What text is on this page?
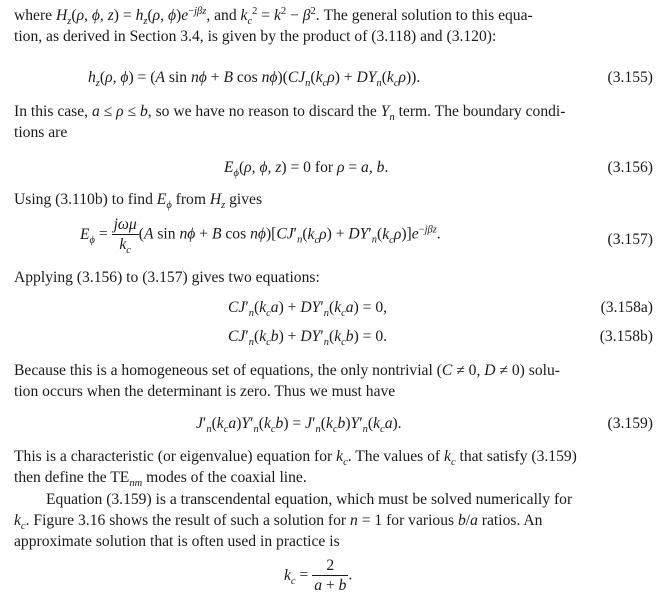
where $H_z(\rho$, ϕ, $z) = h_z(\rho$, $\phi)e^{-j\beta z}$, and $k_c^2 = k^2 - \beta^2$. The general solution to this equa-
tion, as derived in Section 3.4, is given by the product of (3.118) and (3.120):
$h_z(\rho$, ϕ) = (A sin nϕ + B $\cos n\phi)(CJ_n(k_c\rho) + DY_n(k_c\rho))$.	(3.155)
In this case, a ≤ ρ ≤ b, so we have no reason to discard the $Y_n$ term. The boundary condi-
tions are
$E_\phi(\rho$, ϕ, z) = 0 for ρ = a, b.	(3.156)
Using (3.110b) to find $E_\phi$ from $H_z$ gives
$E_\phi = \frac{\text{jωμ}}{k_c} (A$ sin nϕ + B $\cos n\phi)[CJ'_n(k_c\rho) + DY'_n(k_c\rho)]e^{-j\beta z}$.	(3.157)
Applying (3.156) to (3.157) gives two equations:
$CJ'_n(k_ca) + DY'_n(k_ca) = 0$,	(3.158a)
$CJ'_n(k_cb) + DY'_n(k_cb) = 0$.	(3.158b)
Because this is a homogeneous set of equations, the only nontrivial (C ≠ 0, D ≠ 0) solu-
tion occurs when the determinant is zero. Thus we must have
$J'_n(k_ca)Y'_n(k_cb) = J'_n(k_cb)Y'_n(k_ca)$.	(3.159)
This is a characteristic (or eigenvalue) equation for $k_c$. The values of $k_c$ that satisfy (3.159)
then define the $TE_{nm}$ modes of the coaxial line.
Equation (3.159) is a transcendental equation, which must be solved numerically for
$k_c$. Figure 3.16 shows the result of such a solution for n = 1 for various b/a ratios. An
approximate solution that is often used in practice is
$k_c = \frac{2}{a + b}$ .
